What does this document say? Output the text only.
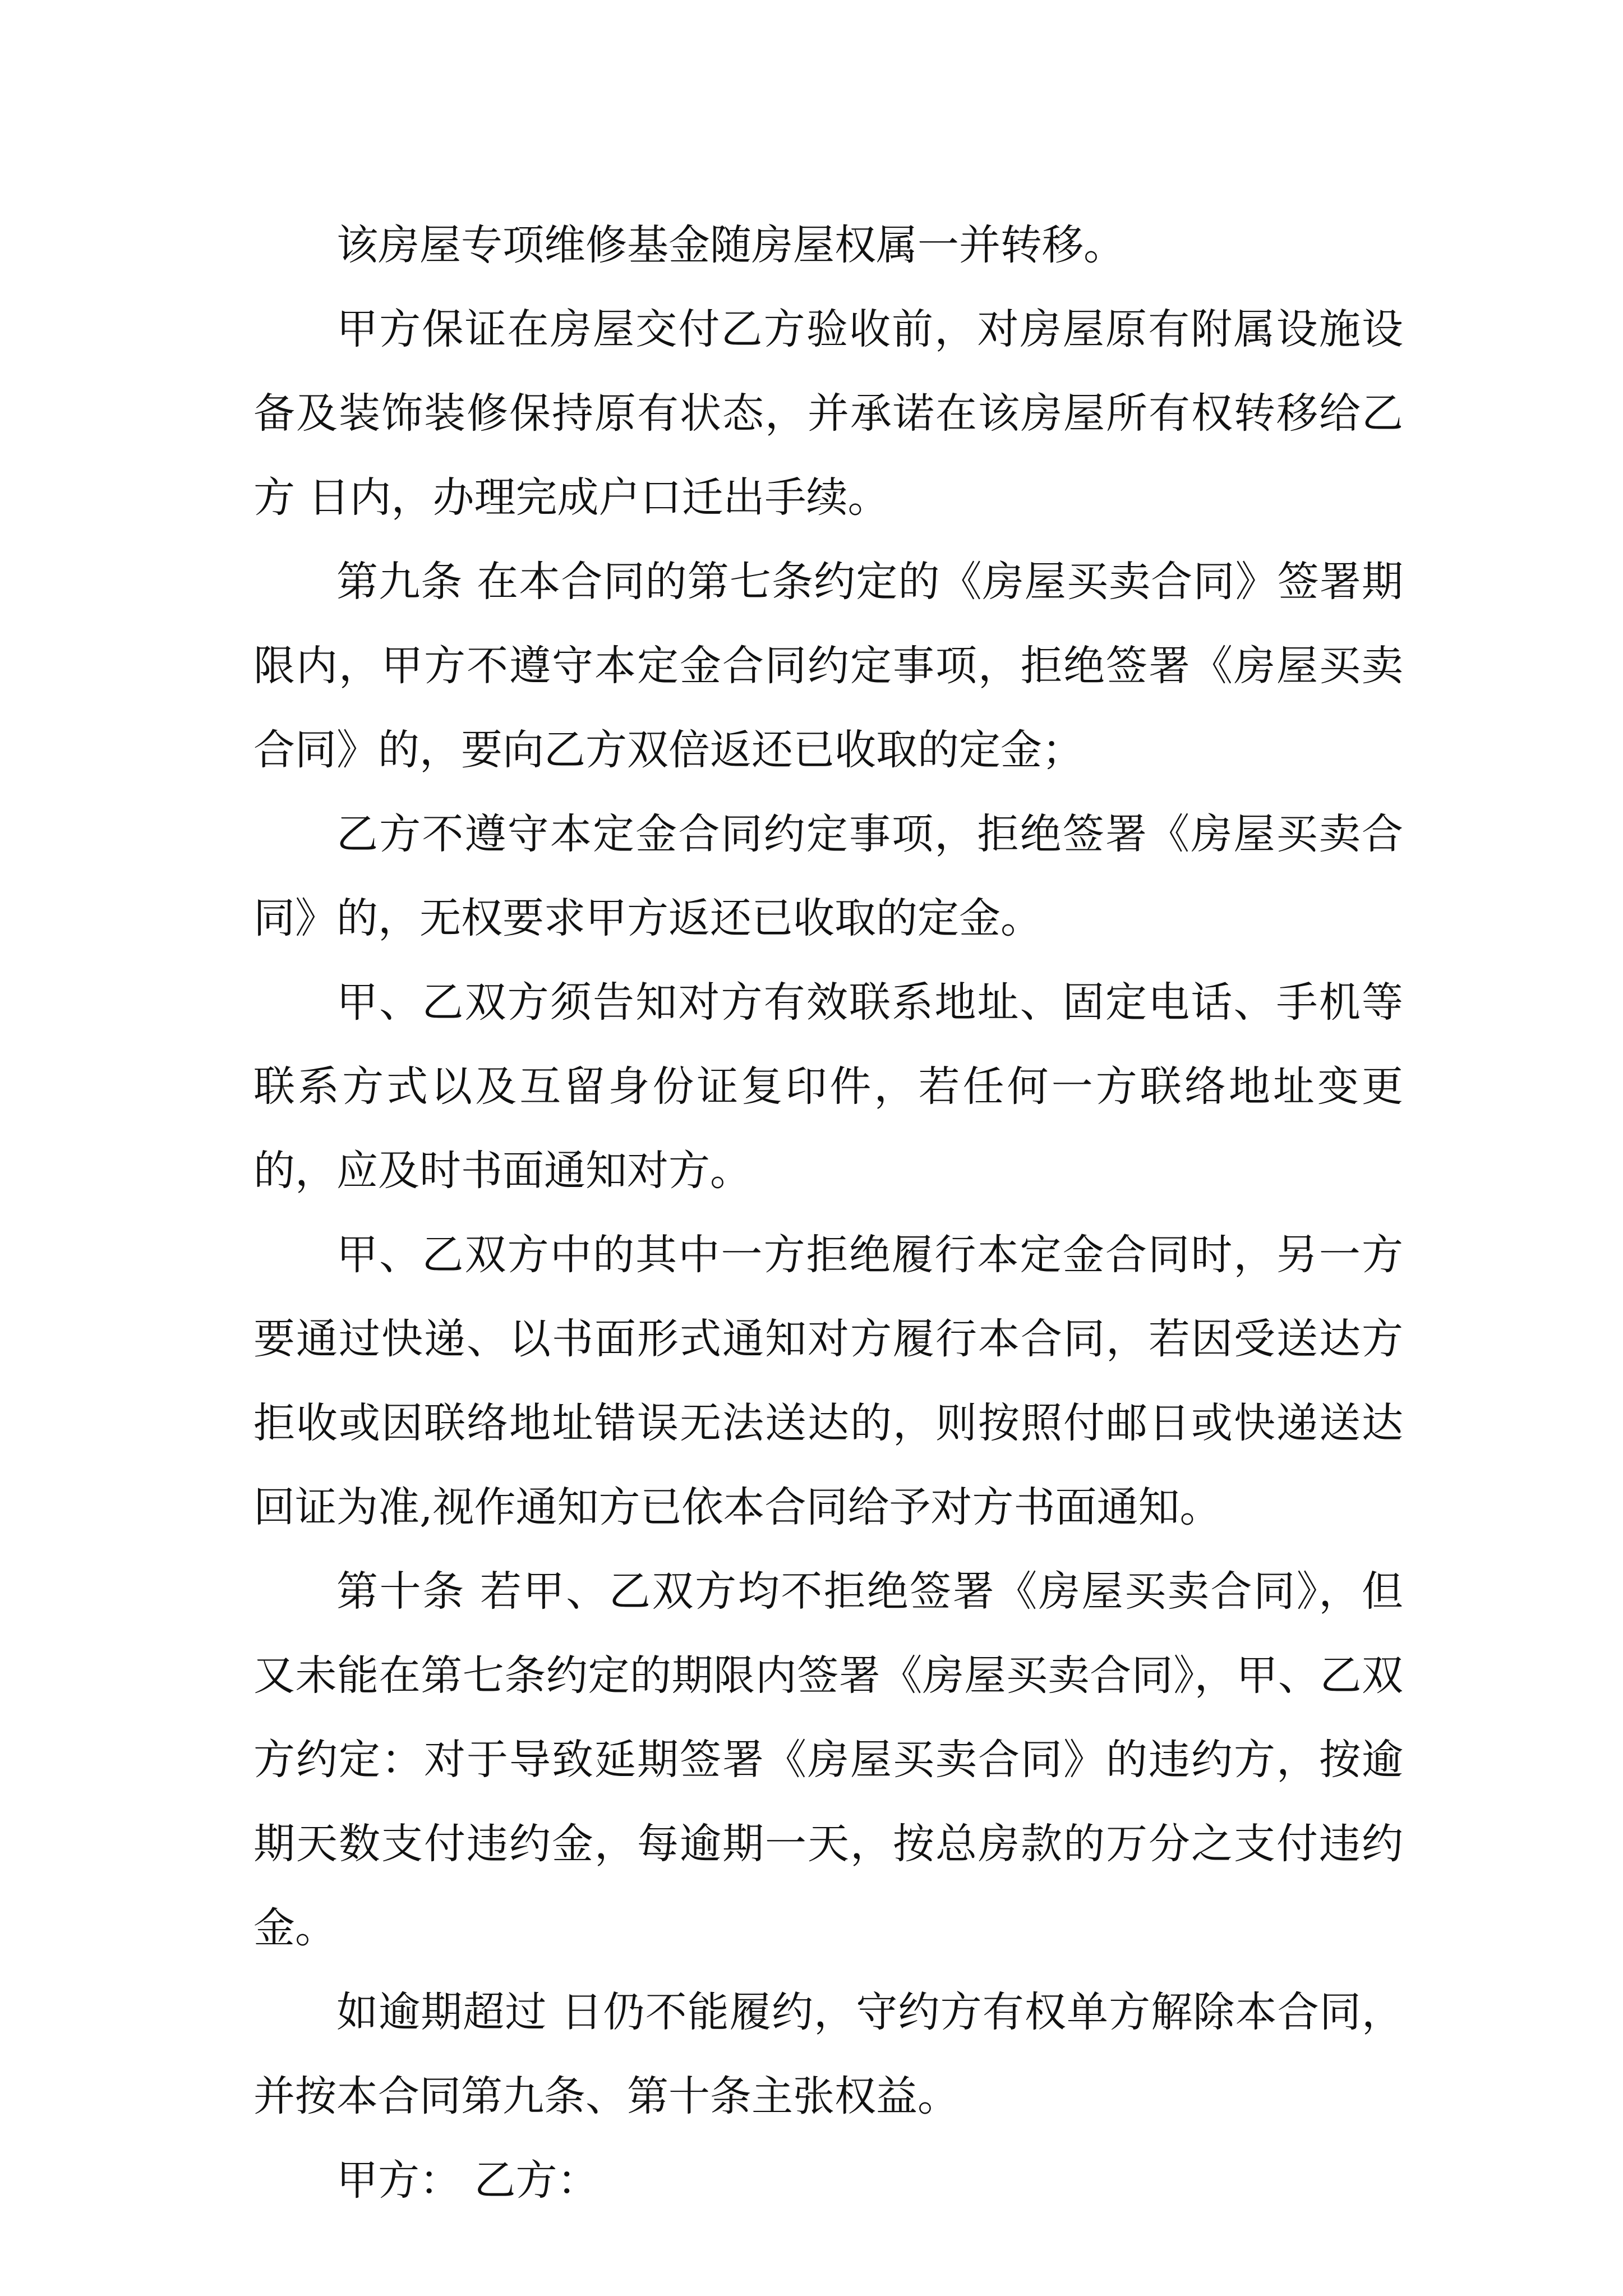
该房屋专项维修基金随房屋权属一并转移。

甲方保证在房屋交付乙方验收前，对房屋原有附属设施设备及装饰装修保持原有状态，并承诺在该房屋所有权转移给乙方 日内，办理完成户口迁出手续。

第九条 在本合同的第七条约定的《房屋买卖合同》签署期限内，甲方不遵守本定金合同约定事项，拒绝签署《房屋买卖合同》的，要向乙方双倍返还已收取的定金；

乙方不遵守本定金合同约定事项，拒绝签署《房屋买卖合同》的，无权要求甲方返还已收取的定金。

甲、乙双方须告知对方有效联系地址、固定电话、手机等联系方式以及互留身份证复印件，若任何一方联络地址变更的，应及时书面通知对方。

甲、乙双方中的其中一方拒绝履行本定金合同时，另一方要通过快递、以书面形式通知对方履行本合同，若因受送达方拒收或因联络地址错误无法送达的，则按照付邮日或快递送达回证为准,视作通知方已依本合同给予对方书面通知。

第十条 若甲、乙双方均不拒绝签署《房屋买卖合同》，但又未能在第七条约定的期限内签署《房屋买卖合同》，甲、乙双方约定：对于导致延期签署《房屋买卖合同》的违约方，按逾期天数支付违约金，每逾期一天，按总房款的万分之支付违约金。

如逾期超过 日仍不能履约，守约方有权单方解除本合同，并按本合同第九条、第十条主张权益。

甲方： 乙方：
